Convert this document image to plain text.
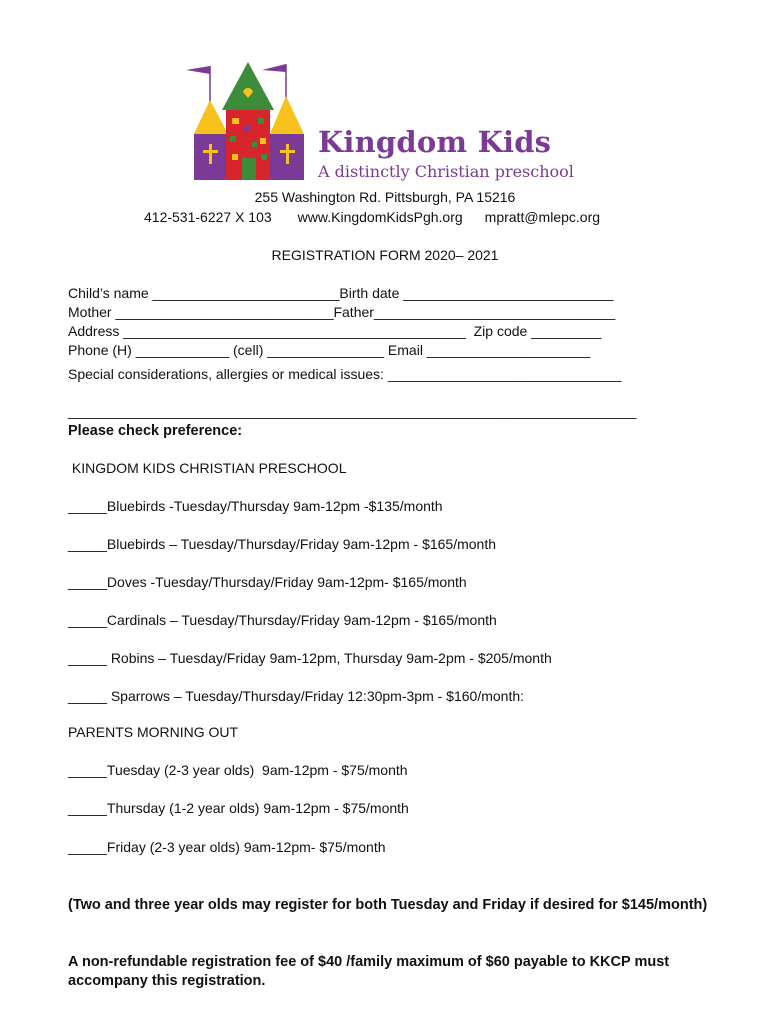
Kingdom Kids
A distinctly Christian preschool
255 Washington Rd. Pittsburgh, PA 15216
412-531-6227 X 103 www.KingdomKidsPgh.org mpratt@mlepc.org
REGISTRATION FORM 2020– 2021
Child’s name ________________________Birth date ___________________________
Mother ____________________________Father_______________________________
Address ____________________________________________  Zip code _________
Phone (H) ____________ (cell) _______________ Email _____________________
Special considerations, allergies or medical issues: ______________________________
_________________________________________________________________________
Please check preference:
KINGDOM KIDS CHRISTIAN PRESCHOOL
_____Bluebirds -Tuesday/Thursday 9am-12pm -$135/month
_____Bluebirds – Tuesday/Thursday/Friday 9am-12pm - $165/month
_____Doves -Tuesday/Thursday/Friday 9am-12pm- $165/month
_____Cardinals – Tuesday/Thursday/Friday 9am-12pm - $165/month
_____ Robins – Tuesday/Friday 9am-12pm, Thursday 9am-2pm - $205/month
_____ Sparrows – Tuesday/Thursday/Friday 12:30pm-3pm - $160/month:
PARENTS MORNING OUT
_____Tuesday (2-3 year olds)  9am-12pm - $75/month
_____Thursday (1-2 year olds) 9am-12pm - $75/month
_____Friday (2-3 year olds) 9am-12pm- $75/month
(Two and three year olds may register for both Tuesday and Friday if desired for $145/month)
A non-refundable registration fee of $40 /family maximum of $60 payable to KKCP must accompany this registration.
